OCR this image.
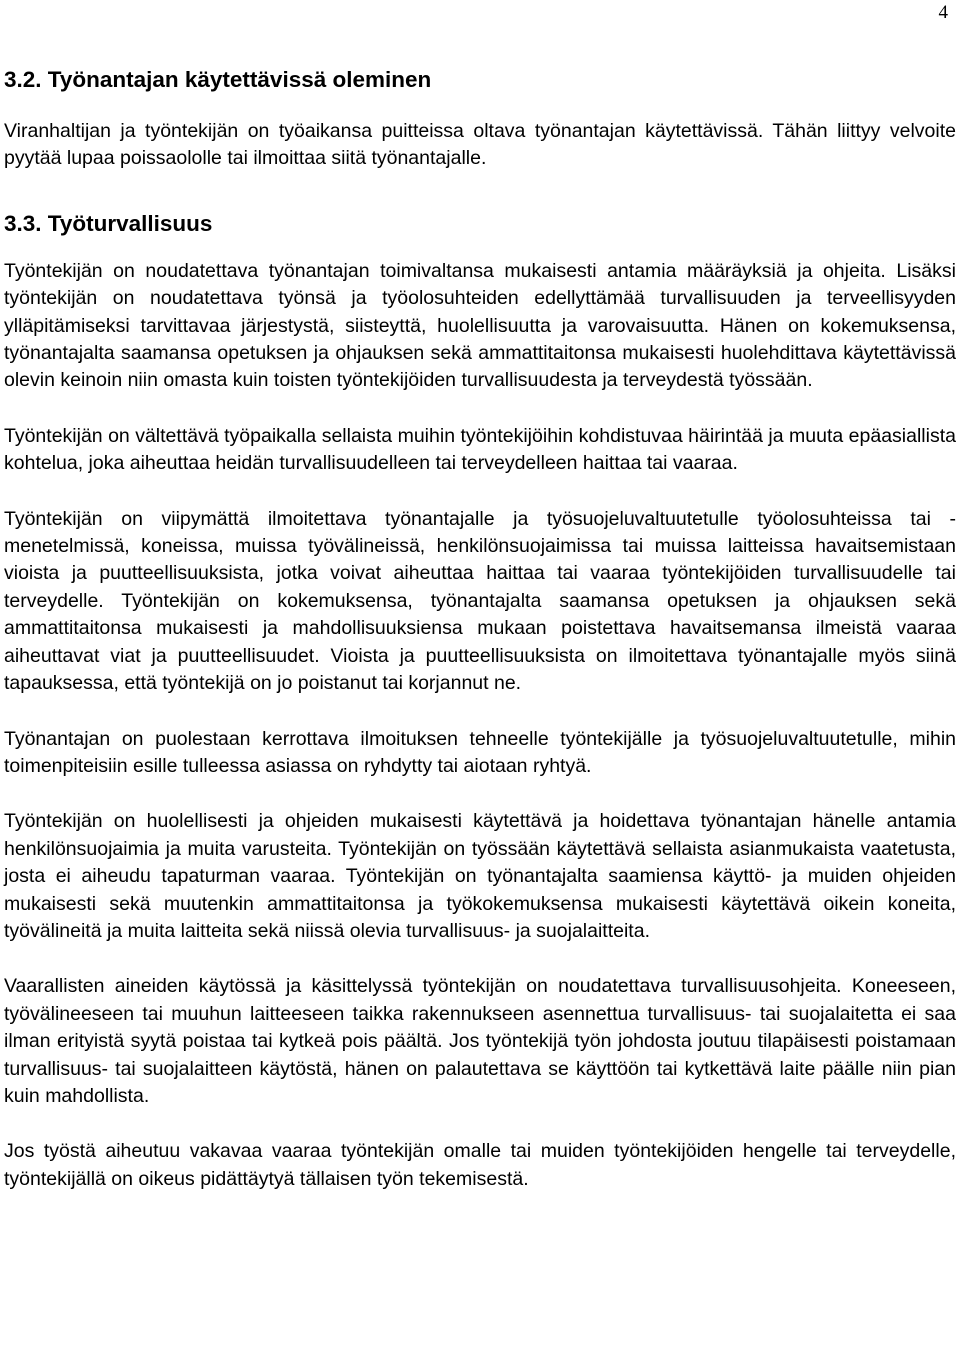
4
3.2. Työnantajan käytettävissä oleminen

Viranhaltijan ja työntekijän on työaikansa puitteissa oltava työnantajan käytettävissä. Tähän liittyy velvoite pyytää lupaa poissaololle tai ilmoittaa siitä työnantajalle.

3.3. Työturvallisuus

Työntekijän on noudatettava työnantajan toimivaltansa mukaisesti antamia määräyksiä ja ohjeita. Lisäksi työntekijän on noudatettava työnsä ja työolosuhteiden edellyttämää turvallisuuden ja terveellisyyden ylläpitämiseksi tarvittavaa järjestystä, siisteyttä, huolellisuutta ja varovaisuutta. Hänen on kokemuksensa, työnantajalta saamansa opetuksen ja ohjauksen sekä ammattitaitonsa mukaisesti huolehdittava käytettävissä olevin keinoin niin omasta kuin toisten työntekijöiden turvallisuudesta ja terveydestä työssään.

Työntekijän on vältettävä työpaikalla sellaista muihin työntekijöihin kohdistuvaa häirintää ja muuta epäasiallista kohtelua, joka aiheuttaa heidän turvallisuudelleen tai terveydelleen haittaa tai vaaraa.

Työntekijän on viipymättä ilmoitettava työnantajalle ja työsuojeluvaltuutetulle työolosuhteissa tai -menetelmissä, koneissa, muissa työvälineissä, henkilönsuojaimissa tai muissa laitteissa havaitsemistaan vioista ja puutteellisuuksista, jotka voivat aiheuttaa haittaa tai vaaraa työntekijöiden turvallisuudelle tai terveydelle. Työntekijän on kokemuksensa, työnantajalta saamansa opetuksen ja ohjauksen sekä ammattitaitonsa mukaisesti ja mahdollisuuksiensa mukaan poistettava havaitsemansa ilmeistä vaaraa aiheuttavat viat ja puutteellisuudet. Vioista ja puutteellisuuksista on ilmoitettava työnantajalle myös siinä tapauksessa, että työntekijä on jo poistanut tai korjannut ne.

Työnantajan on puolestaan kerrottava ilmoituksen tehneelle työntekijälle ja työsuojeluvaltuutetulle, mihin toimenpiteisiin esille tulleessa asiassa on ryhdytty tai aiotaan ryhtyä.

Työntekijän on huolellisesti ja ohjeiden mukaisesti käytettävä ja hoidettava työnantajan hänelle antamia henkilönsuojaimia ja muita varusteita. Työntekijän on työssään käytettävä sellaista asianmukaista vaatetusta, josta ei aiheudu tapaturman vaaraa. Työntekijän on työnantajalta saamiensa käyttö- ja muiden ohjeiden mukaisesti sekä muutenkin ammattitaitonsa ja työkokemuksensa mukaisesti käytettävä oikein koneita, työvälineitä ja muita laitteita sekä niissä olevia turvallisuus- ja suojalaitteita.

Vaarallisten aineiden käytössä ja käsittelyssä työntekijän on noudatettava turvallisuusohjeita. Koneeseen, työvälineeseen tai muuhun laitteeseen taikka rakennukseen asennettua turvallisuus- tai suojalaitetta ei saa ilman erityistä syytä poistaa tai kytkeä pois päältä. Jos työntekijä työn johdosta joutuu tilapäisesti poistamaan turvallisuus- tai suojalaitteen käytöstä, hänen on palautettava se käyttöön tai kytkettävä laite päälle niin pian kuin mahdollista.

Jos työstä aiheutuu vakavaa vaaraa työntekijän omalle tai muiden työntekijöiden hengelle tai terveydelle, työntekijällä on oikeus pidättäytyä tällaisen työn tekemisestä.
